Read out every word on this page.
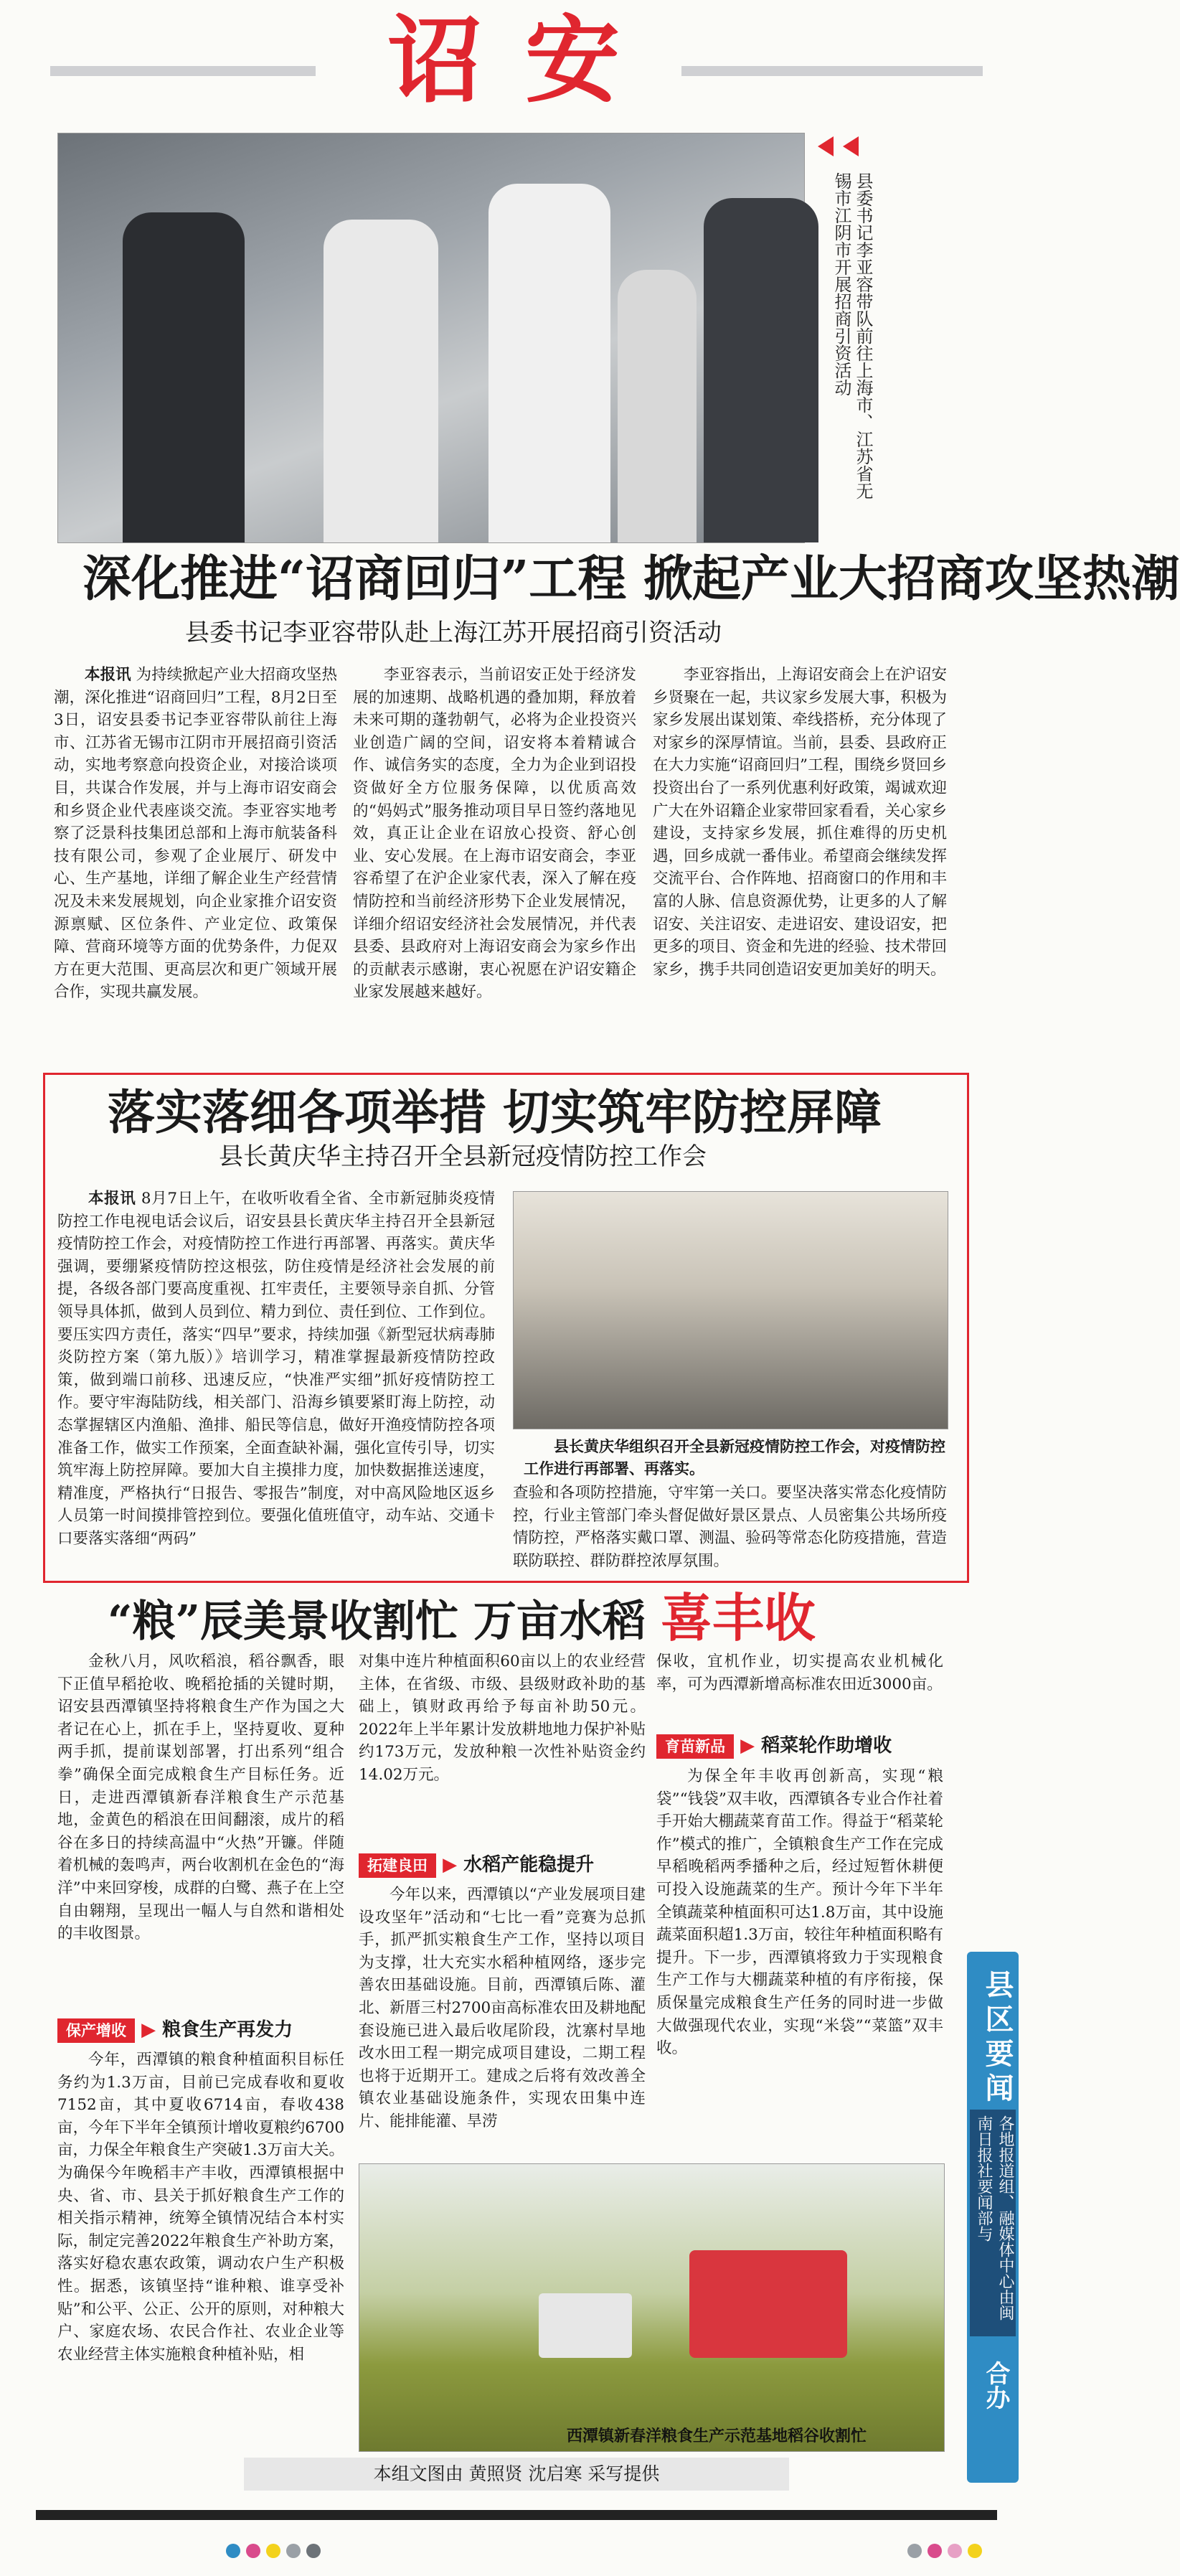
诏安
县委书记李亚容带队前往上海市、江苏省无锡市江阴市开展招商引资活动
深化推进“诏商回归”工程 掀起产业大招商攻坚热潮
县委书记李亚容带队赴上海江苏开展招商引资活动
本报讯 为持续掀起产业大招商攻坚热潮，深化推进“诏商回归”工程，8月2日至3日，诏安县委书记李亚容带队前往上海市、江苏省无锡市江阴市开展招商引资活动，实地考察意向投资企业，对接洽谈项目，共谋合作发展，并与上海市诏安商会和乡贤企业代表座谈交流。李亚容实地考察了泛景科技集团总部和上海市航装备科技有限公司，参观了企业展厅、研发中心、生产基地，详细了解企业生产经营情况及未来发展规划，向企业家推介诏安资源禀赋、区位条件、产业定位、政策保障、营商环境等方面的优势条件，力促双方在更大范围、更高层次和更广领域开展合作，实现共赢发展。
李亚容表示，当前诏安正处于经济发展的加速期、战略机遇的叠加期，释放着未来可期的蓬勃朝气，必将为企业投资兴业创造广阔的空间，诏安将本着精诚合作、诚信务实的态度，全力为企业到诏投资做好全方位服务保障，以优质高效的“妈妈式”服务推动项目早日签约落地见效，真正让企业在诏放心投资、舒心创业、安心发展。在上海市诏安商会，李亚容希望了在沪企业家代表，深入了解在疫情防控和当前经济形势下企业发展情况，详细介绍诏安经济社会发展情况，并代表县委、县政府对上海诏安商会为家乡作出的贡献表示感谢，衷心祝愿在沪诏安籍企业家发展越来越好。
李亚容指出，上海诏安商会上在沪诏安乡贤聚在一起，共议家乡发展大事，积极为家乡发展出谋划策、牵线搭桥，充分体现了对家乡的深厚情谊。当前，县委、县政府正在大力实施“诏商回归”工程，围绕乡贤回乡投资出台了一系列优惠利好政策，竭诚欢迎广大在外诏籍企业家带回家看看，关心家乡建设，支持家乡发展，抓住难得的历史机遇，回乡成就一番伟业。希望商会继续发挥交流平台、合作阵地、招商窗口的作用和丰富的人脉、信息资源优势，让更多的人了解诏安、关注诏安、走进诏安、建设诏安，把更多的项目、资金和先进的经验、技术带回家乡，携手共同创造诏安更加美好的明天。
落实落细各项举措 切实筑牢防控屏障
县长黄庆华主持召开全县新冠疫情防控工作会
本报讯 8月7日上午，在收听收看全省、全市新冠肺炎疫情防控工作电视电话会议后，诏安县县长黄庆华主持召开全县新冠疫情防控工作会，对疫情防控工作进行再部署、再落实。黄庆华强调，要绷紧疫情防控这根弦，防住疫情是经济社会发展的前提，各级各部门要高度重视、扛牢责任，主要领导亲自抓、分管领导具体抓，做到人员到位、精力到位、责任到位、工作到位。要压实四方责任，落实“四早”要求，持续加强《新型冠状病毒肺炎防控方案（第九版）》培训学习，精准掌握最新疫情防控政策，做到端口前移、迅速反应，“快准严实细”抓好疫情防控工作。要守牢海陆防线，相关部门、沿海乡镇要紧盯海上防控，动态掌握辖区内渔船、渔排、船民等信息，做好开渔疫情防控各项准备工作，做实工作预案，全面查缺补漏，强化宣传引导，切实筑牢海上防控屏障。要加大自主摸排力度，加快数据推送速度，精准度，严格执行“日报告、零报告”制度，对中高风险地区返乡人员第一时间摸排管控到位。要强化值班值守，动车站、交通卡口要落实落细“两码”
县长黄庆华组织召开全县新冠疫情防控工作会，对疫情防控工作进行再部署、再落实。
查验和各项防控措施，守牢第一关口。要坚决落实常态化疫情防控，行业主管部门牵头督促做好景区景点、人员密集公共场所疫情防控，严格落实戴口罩、测温、验码等常态化防疫措施，营造联防联控、群防群控浓厚氛围。
“粮”辰美景收割忙 万亩水稻 喜丰收
金秋八月，风吹稻浪，稻谷飘香，眼下正值早稻抢收、晚稻抢插的关键时期，诏安县西潭镇坚持将粮食生产作为国之大者记在心上，抓在手上，坚持夏收、夏种两手抓，提前谋划部署，打出系列“组合拳”确保全面完成粮食生产目标任务。近日，走进西潭镇新春洋粮食生产示范基地，金黄色的稻浪在田间翻滚，成片的稻谷在多日的持续高温中“火热”开镰。伴随着机械的轰鸣声，两台收割机在金色的“海洋”中来回穿梭，成群的白鹭、燕子在上空自由翱翔，呈现出一幅人与自然和谐相处的丰收图景。
保产增收 ▶ 粮食生产再发力
今年，西潭镇的粮食种植面积目标任务约为1.3万亩，目前已完成春收和夏收7152亩，其中夏收6714亩，春收438亩，今年下半年全镇预计增收夏粮约6700亩，力保全年粮食生产突破1.3万亩大关。为确保今年晚稻丰产丰收，西潭镇根据中央、省、市、县关于抓好粮食生产工作的相关指示精神，统筹全镇情况结合本村实际，制定完善2022年粮食生产补助方案，落实好稳农惠农政策，调动农户生产积极性。据悉，该镇坚持“谁种粮、谁享受补贴”和公平、公正、公开的原则，对种粮大户、家庭农场、农民合作社、农业企业等农业经营主体实施粮食种植补贴，相
对集中连片种植面积60亩以上的农业经营主体，在省级、市级、县级财政补助的基础上，镇财政再给予每亩补助50元。2022年上半年累计发放耕地地力保护补贴约173万元，发放种粮一次性补贴资金约14.02万元。
拓建良田 ▶ 水稻产能稳提升
今年以来，西潭镇以“产业发展项目建设攻坚年”活动和“七比一看”竞赛为总抓手，抓严抓实粮食生产工作，坚持以项目为支撑，壮大充实水稻种植网络，逐步完善农田基础设施。目前，西潭镇后陈、灌北、新厝三村2700亩高标准农田及耕地配套设施已进入最后收尾阶段，沈寨村旱地改水田工程一期完成项目建设，二期工程也将于近期开工。建成之后将有效改善全镇农业基础设施条件，实现农田集中连片、能排能灌、旱涝
保收，宜机作业，切实提高农业机械化率，可为西潭新增高标准农田近3000亩。
育苗新品 ▶ 稻菜轮作助增收
为保全年丰收再创新高，实现“粮袋”“钱袋”双丰收，西潭镇各专业合作社着手开始大棚蔬菜育苗工作。得益于“稻菜轮作”模式的推广，全镇粮食生产工作在完成早稻晚稻两季播种之后，经过短暂休耕便可投入设施蔬菜的生产。预计今年下半年全镇蔬菜种植面积可达1.8万亩，其中设施蔬菜面积超1.3万亩，较往年种植面积略有提升。下一步，西潭镇将致力于实现粮食生产工作与大棚蔬菜种植的有序衔接，保质保量完成粮食生产任务的同时进一步做大做强现代农业，实现“米袋”“菜篮”双丰收。
西潭镇新春洋粮食生产示范基地稻谷收割忙
本组文图由 黄照贤 沈启寒 采写提供
县区要闻
各地报道组、融媒体中心由闽南日报社要闻部与
合办
